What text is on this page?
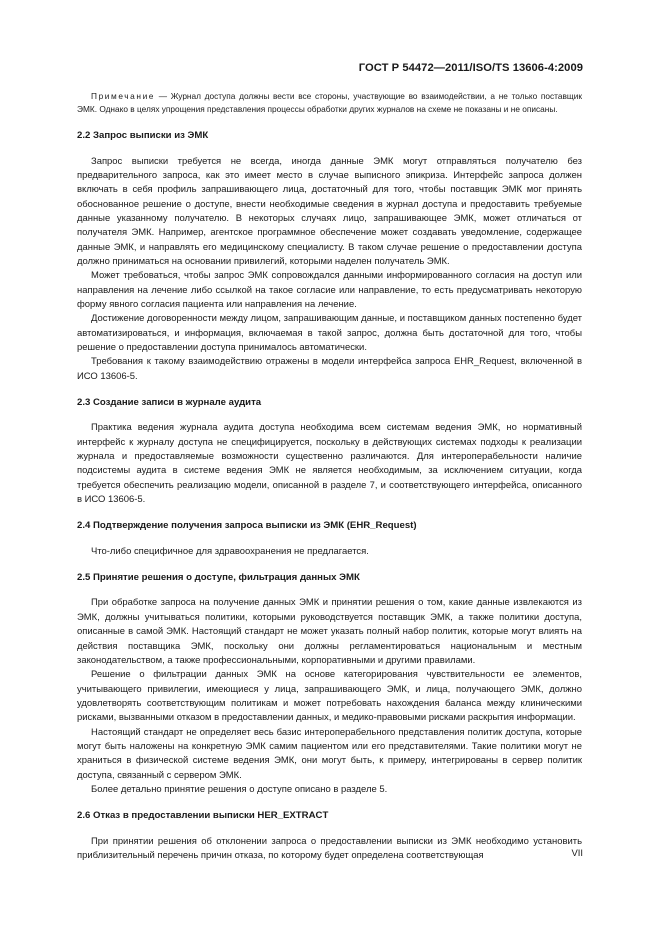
ГОСТ Р 54472—2011/ISO/TS 13606-4:2009

Примечание — Журнал доступа должны вести все стороны, участвующие во взаимодействии, а не только поставщик ЭМК. Однако в целях упрощения представления процессы обработки других журналов на схеме не показаны и не описаны.

2.2 Запрос выписки из ЭМК

Запрос выписки требуется не всегда, иногда данные ЭМК могут отправляться получателю без предварительного запроса, как это имеет место в случае выписного эпикриза. Интерфейс запроса должен включать в себя профиль запрашивающего лица, достаточный для того, чтобы поставщик ЭМК мог принять обоснованное решение о доступе, внести необходимые сведения в журнал доступа и предоставить требуемые данные указанному получателю. В некоторых случаях лицо, запрашивающее ЭМК, может отличаться от получателя ЭМК. Например, агентское программное обеспечение может создавать уведомление, содержащее данные ЭМК, и направлять его медицинскому специалисту. В таком случае решение о предоставлении доступа должно приниматься на основании привилегий, которыми наделен получатель ЭМК.

Может требоваться, чтобы запрос ЭМК сопровождался данными информированного согласия на доступ или направления на лечение либо ссылкой на такое согласие или направление, то есть предусматривать некоторую форму явного согласия пациента или направления на лечение.

Достижение договоренности между лицом, запрашивающим данные, и поставщиком данных постепенно будет автоматизироваться, и информация, включаемая в такой запрос, должна быть достаточной для того, чтобы решение о предоставлении доступа принималось автоматически.

Требования к такому взаимодействию отражены в модели интерфейса запроса EHR_Request, включенной в ИСО 13606-5.

2.3 Создание записи в журнале аудита

Практика ведения журнала аудита доступа необходима всем системам ведения ЭМК, но нормативный интерфейс к журналу доступа не специфицируется, поскольку в действующих системах подходы к реализации журнала и предоставляемые возможности существенно различаются. Для интероперабельности наличие подсистемы аудита в системе ведения ЭМК не является необходимым, за исключением ситуации, когда требуется обеспечить реализацию модели, описанной в разделе 7, и соответствующего интерфейса, описанного в ИСО 13606-5.

2.4 Подтверждение получения запроса выписки из ЭМК (EHR_Request)

Что-либо специфичное для здравоохранения не предлагается.

2.5 Принятие решения о доступе, фильтрация данных ЭМК

При обработке запроса на получение данных ЭМК и принятии решения о том, какие данные извлекаются из ЭМК, должны учитываться политики, которыми руководствуется поставщик ЭМК, а также политики доступа, описанные в самой ЭМК. Настоящий стандарт не может указать полный набор политик, которые могут влиять на действия поставщика ЭМК, поскольку они должны регламентироваться национальным и местным законодательством, а также профессиональными, корпоративными и другими правилами.

Решение о фильтрации данных ЭМК на основе категорирования чувствительности ее элементов, учитывающего привилегии, имеющиеся у лица, запрашивающего ЭМК, и лица, получающего ЭМК, должно удовлетворять соответствующим политикам и может потребовать нахождения баланса между клиническими рисками, вызванными отказом в предоставлении данных, и медико-правовыми рисками раскрытия информации.

Настоящий стандарт не определяет весь базис интероперабельного представления политик доступа, которые могут быть наложены на конкретную ЭМК самим пациентом или его представителями. Такие политики могут не храниться в физической системе ведения ЭМК, они могут быть, к примеру, интегрированы в сервер политик доступа, связанный с сервером ЭМК.

Более детально принятие решения о доступе описано в разделе 5.

2.6 Отказ в предоставлении выписки HER_EXTRACT

При принятии решения об отклонении запроса о предоставлении выписки из ЭМК необходимо установить приблизительный перечень причин отказа, по которому будет определена соответствующая	VII
